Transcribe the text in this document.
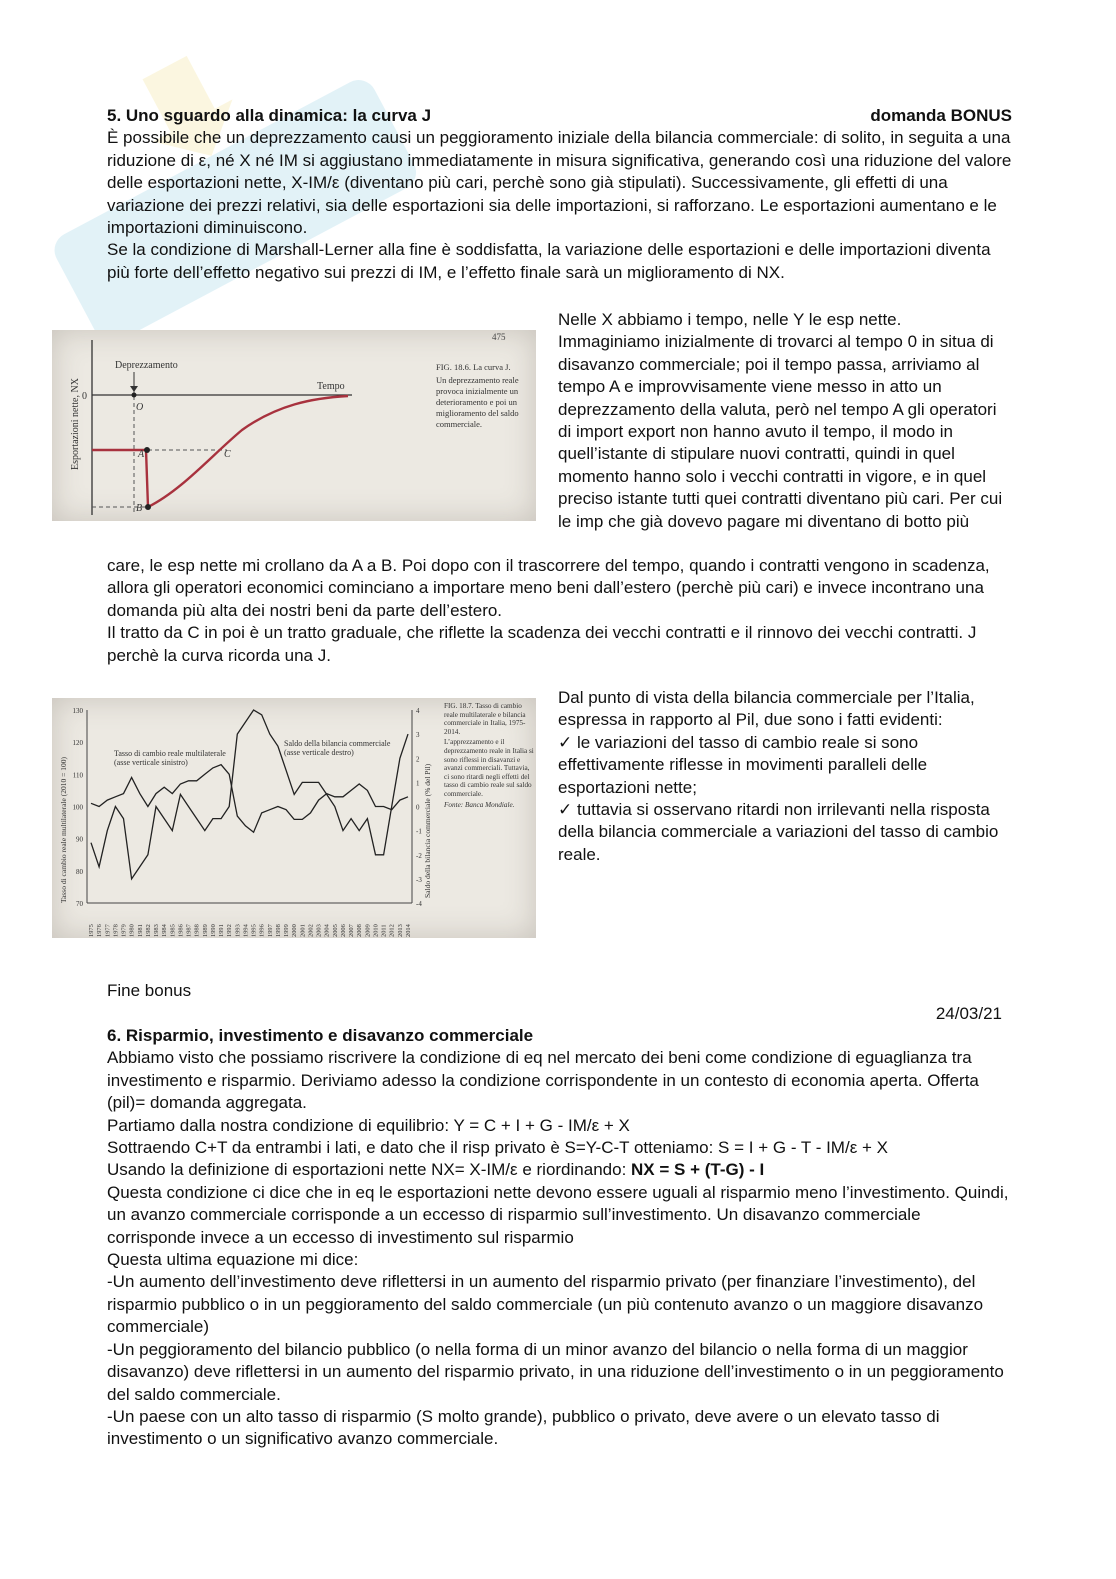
5. Uno sguardo alla dinamica: la curva J	domanda BONUS

È possibile che un deprezzamento causi un peggioramento iniziale della bilancia commerciale: di solito, in seguita a una riduzione di ε, né X né IM si aggiustano immediatamente in misura significativa, generando così una riduzione del valore delle esportazioni nette, X-IM/ε (diventano più cari, perchè sono già stipulati). Successivamente, gli effetti di una variazione dei prezzi relativi, sia delle esportazioni sia delle importazioni, si rafforzano. Le esportazioni aumentano e le importazioni diminuiscono.

Se la condizione di Marshall-Lerner alla fine è soddisfatta, la variazione delle esportazioni e delle importazioni diventa più forte dell’effetto negativo sui prezzi di IM, e l’effetto finale sarà un miglioramento di NX.

Deprezzamento
Tempo
0
O
A
B
C
Esportazioni nette, NX
475
FIG. 18.6. La curva J.
Un deprezzamento reale
provoca inizialmente un
deterioramento e poi un
miglioramento del saldo
commerciale.

Nelle X abbiamo i tempo, nelle Y le esp nette. Immaginiamo inizialmente di trovarci al tempo 0 in situa di disavanzo commerciale; poi il tempo passa, arriviamo al tempo A e improvvisamente viene messo in atto un deprezzamento della valuta, però nel tempo A gli operatori di import export non hanno avuto il tempo, il modo in quell’istante di stipulare nuovi contratti, quindi in quel momento hanno solo i vecchi contratti in vigore, e in quel preciso istante tutti quei contratti diventano più cari. Per cui le imp che già dovevo pagare mi diventano di botto più

care, le esp nette mi crollano da A a B. Poi dopo con il trascorrere del tempo, quando i contratti vengono in scadenza, allora gli operatori economici cominciano a importare meno beni dall’estero (perchè più cari) e invece incontrano una domanda più alta dei nostri beni da parte dell’estero.

Il tratto da C in poi è un tratto graduale, che riflette la scadenza dei vecchi contratti e il rinnovo dei vecchi contratti. J perchè la curva ricorda una J.

130
120
110
100
90
80
70
4
3
2
1
0
-1
-2
-3
-4
1975 1976 1977 1978 1979 1980 1981 1982 1983 1984 1985 1986 1987 1988 1989 1990 1991 1992 1993 1994 1995 1996 1997 1998 1999 2000 2001 2002 2003 2004 2005 2006 2007 2008 2009 2010 2011 2012 2013 2014
Tasso di cambio reale multilaterale
(asse verticale sinistro)
Saldo della bilancia commerciale
(asse verticale destro)
Tasso di cambio reale multilaterale (2010 = 100)	Saldo della bilancia commerciale (% del Pil)
FIG. 18.7. Tasso di cambio reale multilaterale e bilancia commerciale in Italia, 1975-2014.
L’apprezzamento e il deprezzamento reale in Italia si sono riflessi in disavanzi e avanzi commerciali. Tuttavia, ci sono ritardi negli effetti del tasso di cambio reale sul saldo commerciale.
Fonte: Banca Mondiale.

Dal punto di vista della bilancia commerciale per l’Italia, espressa in rapporto al Pil, due sono i fatti evidenti:

✓ le variazioni del tasso di cambio reale si sono effettivamente riflesse in movimenti paralleli delle esportazioni nette;

✓ tuttavia si osservano ritardi non irrilevanti nella risposta della bilancia commerciale a variazioni del tasso di cambio reale.

Fine bonus

24/03/21

6. Risparmio, investimento e disavanzo commerciale

Abbiamo visto che possiamo riscrivere la condizione di eq nel mercato dei beni come condizione di eguaglianza tra investimento e risparmio. Deriviamo adesso la condizione corrispondente in un contesto di economia aperta. Offerta (pil)= domanda aggregata.

Partiamo dalla nostra condizione di equilibrio: Y = C + I + G - IM/ε + X

Sottraendo C+T da entrambi i lati, e dato che il risp privato è S=Y-C-T otteniamo: S = I + G - T - IM/ε + X

Usando la definizione di esportazioni nette NX= X-IM/ε e riordinando: NX = S + (T-G) - I

Questa condizione ci dice che in eq le esportazioni nette devono essere uguali al risparmio meno l’investimento. Quindi, un avanzo commerciale corrisponde a un eccesso di risparmio sull’investimento. Un disavanzo commerciale corrisponde invece a un eccesso di investimento sul risparmio

Questa ultima equazione mi dice:

-Un aumento dell’investimento deve riflettersi in un aumento del risparmio privato (per finanziare l’investimento), del risparmio pubblico o in un peggioramento del saldo commerciale (un più contenuto avanzo o un maggiore disavanzo commerciale)

-Un peggioramento del bilancio pubblico (o nella forma di un minor avanzo del bilancio o nella forma di un maggior disavanzo) deve riflettersi in un aumento del risparmio privato, in una riduzione dell’investimento o in un peggioramento del saldo commerciale.

-Un paese con un alto tasso di risparmio (S molto grande), pubblico o privato, deve avere o un elevato tasso di investimento o un significativo avanzo commerciale.
